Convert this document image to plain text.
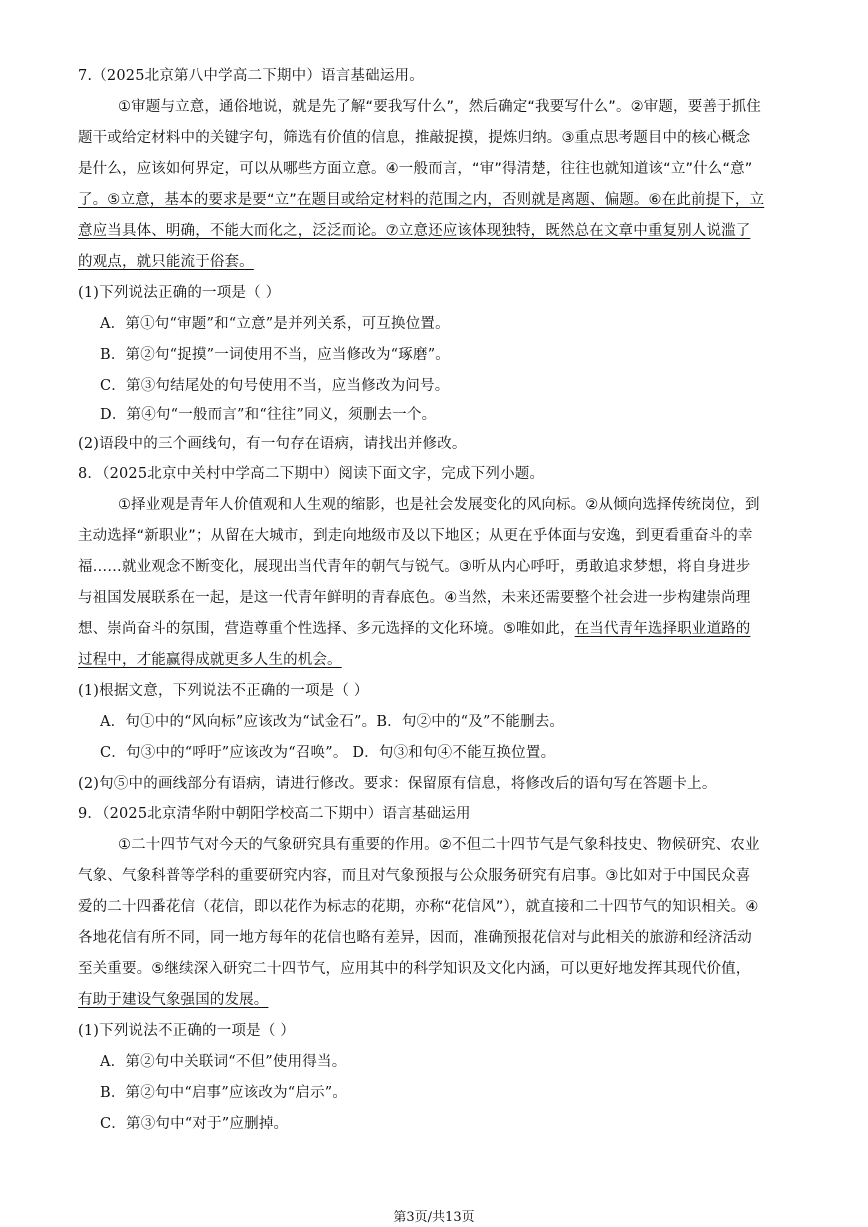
7.（2025北京第八中学高二下期中）语言基础运用。
①审题与立意，通俗地说，就是先了解“要我写什么”，然后确定“我要写什么”。②审题，要善于抓住
题干或给定材料中的关键字句，筛选有价值的信息，推敲捉摸，提炼归纳。③重点思考题目中的核心概念
是什么，应该如何界定，可以从哪些方面立意。④一般而言，“审”得清楚，往往也就知道该“立”什么“意”
了。⑤立意，基本的要求是要“立”在题目或给定材料的范围之内，否则就是离题、偏题。⑥在此前提下，立
意应当具体、明确，不能大而化之，泛泛而论。⑦立意还应该体现独特，既然总在文章中重复别人说滥了
的观点，就只能流于俗套。
(1)下列说法正确的一项是（ ）
A．第①句“审题”和“立意”是并列关系，可互换位置。
B．第②句“捉摸”一词使用不当，应当修改为“琢磨”。
C．第③句结尾处的句号使用不当，应当修改为问号。
D．第④句“一般而言”和“往往”同义，须删去一个。
(2)语段中的三个画线句，有一句存在语病，请找出并修改。
8．（2025北京中关村中学高二下期中）阅读下面文字，完成下列小题。
①择业观是青年人价值观和人生观的缩影，也是社会发展变化的风向标。②从倾向选择传统岗位，到
主动选择“新职业”；从留在大城市，到走向地级市及以下地区；从更在乎体面与安逸，到更看重奋斗的幸
福……就业观念不断变化，展现出当代青年的朝气与锐气。③听从内心呼吁，勇敢追求梦想，将自身进步
与祖国发展联系在一起，是这一代青年鲜明的青春底色。④当然，未来还需要整个社会进一步构建崇尚理
想、崇尚奋斗的氛围，营造尊重个性选择、多元选择的文化环境。⑤唯如此，在当代青年选择职业道路的
过程中，才能赢得成就更多人生的机会。
(1)根据文意，下列说法不正确的一项是（ ）
A．句①中的“风向标”应该改为“试金石”。B．句②中的“及”不能删去。
C．句③中的“呼吁”应该改为“召唤”。 D．句③和句④不能互换位置。
(2)句⑤中的画线部分有语病，请进行修改。要求：保留原有信息，将修改后的语句写在答题卡上。
9．（2025北京清华附中朝阳学校高二下期中）语言基础运用
①二十四节气对今天的气象研究具有重要的作用。②不但二十四节气是气象科技史、物候研究、农业
气象、气象科普等学科的重要研究内容，而且对气象预报与公众服务研究有启事。③比如对于中国民众喜
爱的二十四番花信（花信，即以花作为标志的花期，亦称“花信风”），就直接和二十四节气的知识相关。④
各地花信有所不同，同一地方每年的花信也略有差异，因而，准确预报花信对与此相关的旅游和经济活动
至关重要。⑤继续深入研究二十四节气，应用其中的科学知识及文化内涵，可以更好地发挥其现代价值，
有助于建设气象强国的发展。
(1)下列说法不正确的一项是（ ）
A．第②句中关联词“不但”使用得当。
B．第②句中“启事”应该改为“启示”。
C．第③句中“对于”应删掉。
第3页/共13页
